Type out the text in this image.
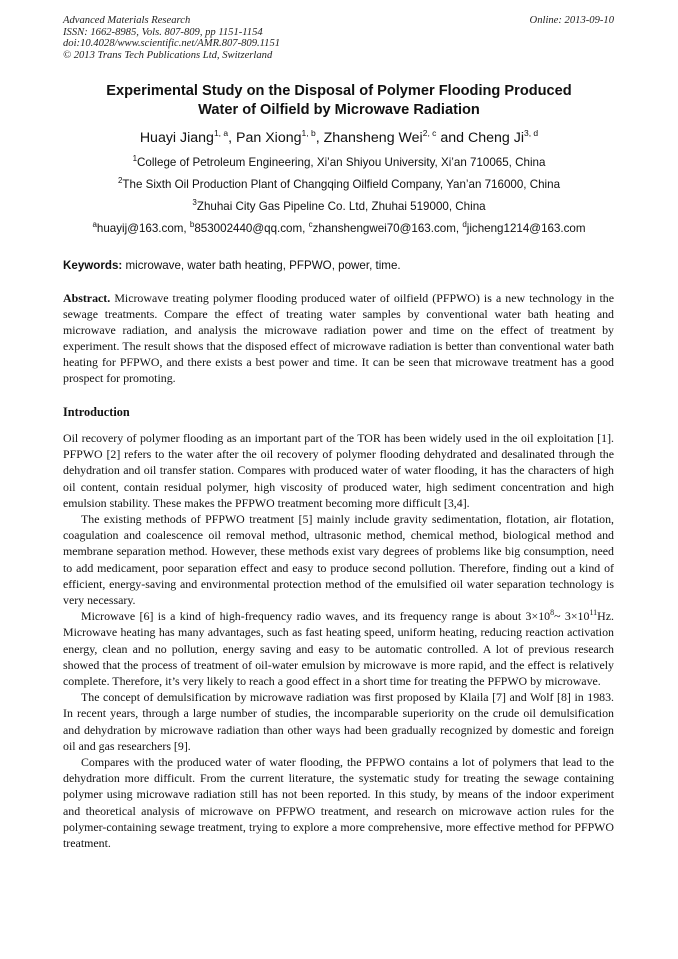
Advanced Materials Research
ISSN: 1662-8985, Vols. 807-809, pp 1151-1154
doi:10.4028/www.scientific.net/AMR.807-809.1151
© 2013 Trans Tech Publications Ltd, Switzerland
Online: 2013-09-10
Experimental Study on the Disposal of Polymer Flooding Produced
Water of Oilfield by Microwave Radiation
Huayi Jiang$^{1, a}$, Pan Xiong$^{1, b}$, Zhansheng Wei$^{2, c}$ and Cheng Ji$^{3, d}$
$^1$College of Petroleum Engineering, Xi’an Shiyou University, Xi’an 710065, China
$^2$The Sixth Oil Production Plant of Changqing Oilfield Company, Yan’an 716000, China
$^3$Zhuhai City Gas Pipeline Co. Ltd, Zhuhai 519000, China
$^a$huayij@163.com, $^b$853002440@qq.com, $^c$zhanshengwei70@163.com, $^d$jicheng1214@163.com
Keywords: microwave, water bath heating, PFPWO, power, time.
Abstract. Microwave treating polymer flooding produced water of oilfield (PFPWO) is a new technology in the sewage treatments. Compare the effect of treating water samples by conventional water bath heating and microwave radiation, and analysis the microwave radiation power and time on the effect of treatment by experiment. The result shows that the disposed effect of microwave radiation is better than conventional water bath heating for PFPWO, and there exists a best power and time. It can be seen that microwave treatment has a good prospect for promoting.
Introduction

Oil recovery of polymer flooding as an important part of the TOR has been widely used in the oil exploitation [1]. PFPWO [2] refers to the water after the oil recovery of polymer flooding dehydrated and desalinated through the dehydration and oil transfer station. Compares with produced water of water flooding, it has the characters of high oil content, contain residual polymer, high viscosity of produced water, high sediment concentration and high emulsion stability. These makes the PFPWO treatment becoming more difficult [3,4].

The existing methods of PFPWO treatment [5] mainly include gravity sedimentation, flotation, air flotation, coagulation and coalescence oil removal method, ultrasonic method, chemical method, biological method and membrane separation method. However, these methods exist vary degrees of problems like big consumption, need to add medicament, poor separation effect and easy to produce second pollution. Therefore, finding out a kind of efficient, energy-saving and environmental protection method of the emulsified oil water separation technology is very necessary.

Microwave [6] is a kind of high-frequency radio waves, and its frequency range is about $3\times 10^8\sim$ $3\times 10^{11}Hz$. Microwave heating has many advantages, such as fast heating speed, uniform heating, reducing reaction activation energy, clean and no pollution, energy saving and easy to be automatic controlled. A lot of previous research showed that the process of treatment of oil-water emulsion by microwave is more rapid, and the effect is relatively complete. Therefore, it’s very likely to reach a good effect in a short time for treating the PFPWO by microwave.

The concept of demulsification by microwave radiation was first proposed by Klaila [7] and Wolf [8] in 1983. In recent years, through a large number of studies, the incomparable superiority on the crude oil demulsification and dehydration by microwave radiation than other ways had been gradually recognized by domestic and foreign oil and gas researchers [9].

Compares with the produced water of water flooding, the PFPWO contains a lot of polymers that lead to the dehydration more difficult. From the current literature, the systematic study for treating the sewage containing polymer using microwave radiation still has not been reported. In this study, by means of the indoor experiment and theoretical analysis of microwave on PFPWO treatment, and research on microwave action rules for the polymer-containing sewage treatment, trying to explore a more comprehensive, more effective method for PFPWO treatment.
